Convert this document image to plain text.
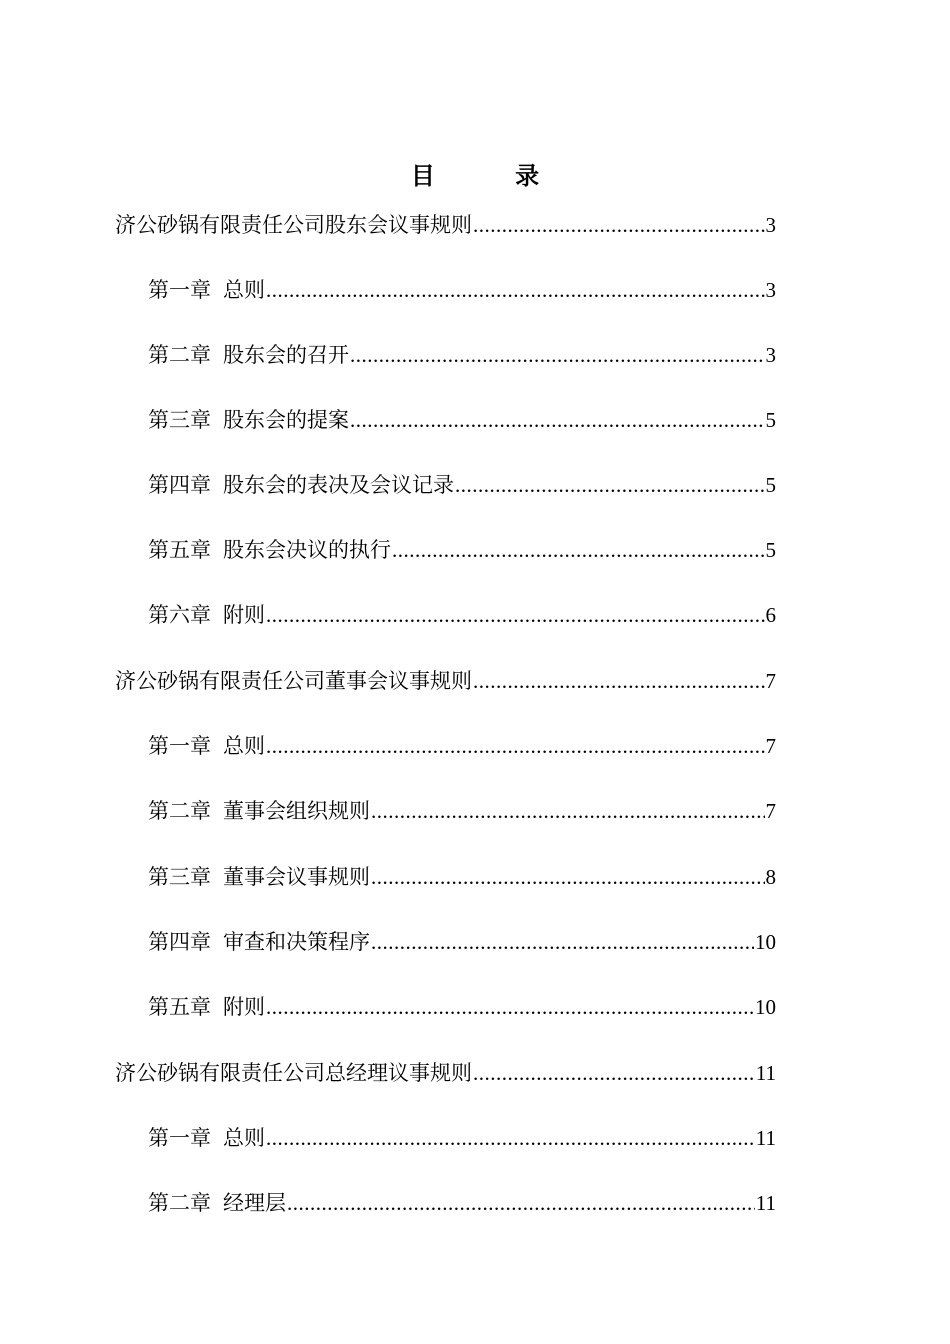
目 录
济公砂锅有限责任公司股东会议事规则 .....	3
第一章 总则 .....	3
第二章 股东会的召开 .....	3
第三章 股东会的提案 .....	5
第四章 股东会的表决及会议记录 .....	5
第五章 股东会决议的执行 .....	5
第六章 附则 .....	6
济公砂锅有限责任公司董事会议事规则 .....	7
第一章 总则 .....	7
第二章 董事会组织规则 .....	7
第三章 董事会议事规则 .....	8
第四章 审查和决策程序 .....	10
第五章 附则 .....	10
济公砂锅有限责任公司总经理议事规则 .....	11
第一章 总则 .....	11
第二章 经理层 .....	11
